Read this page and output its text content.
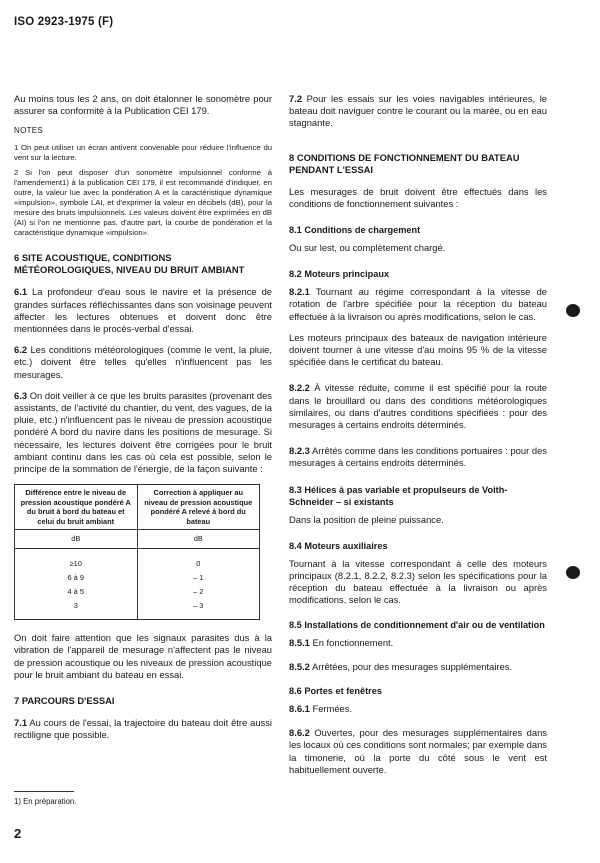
ISO 2923-1975 (F)

Au moins tous les 2 ans, on doit étalonner le sonomètre pour assurer sa conformité à la Publication CEI 179.

NOTES

1 On peut utiliser un écran antivent convenable pour réduire l'influence du vent sur la lecture.

2 Si l'on peut disposer d'un sonomètre impulsionnel conforme à l'amendement1) à la publication CEI 179, il est recommandé d'indiquer, en outre, la valeur lue avec la pondération A et la caractéristique dynamique «impulsion», symbole LAI, et d'exprimer la valeur en décibels (dB), pour la mesure des bruits impulsionnels. Les valeurs doivent être exprimées en dB (AI) si l'on ne mentionne pas, d'autre part, la courbe de pondération et la caractéristique dynamique «impulsion».

6 SITE ACOUSTIQUE, CONDITIONS MÉTÉOROLOGIQUES, NIVEAU DU BRUIT AMBIANT

6.1 La profondeur d'eau sous le navire et la présence de grandes surfaces réfléchissantes dans son voisinage peuvent affecter les lectures obtenues et doivent donc être mentionnées dans le procès-verbal d'essai.

6.2 Les conditions météorologiques (comme le vent, la pluie, etc.) doivent être telles qu'elles n'influencent pas les mesurages.

6.3 On doit veiller à ce que les bruits parasites (provenant des assistants, de l'activité du chantier, du vent, des vagues, de la pluie, etc.) n'influencent pas le niveau de pression acoustique pondéré A bord du navire dans les positions de mesurage. Si nécessaire, les lectures doivent être corrigées pour le bruit ambiant continu dans les cas où cela est possible, selon le principe de la sommation de l'énergie, de la façon suivante :

Différence entre le niveau de pression acoustique pondéré A du bruit à bord du bateau et celui du bruit ambiant	Correction à appliquer au niveau de pression acoustique pondéré A relevé à bord du bateau
dB	dB

≥10	0
6 à 9	– 1
4 à 5	– 2
3	– 3

On doit faire attention que les signaux parasites dus à la vibration de l'appareil de mesurage n'affectent pas le niveau de pression acoustique ou les niveaux de pression acoustique pour le bruit ambiant du bateau en essai.

7 PARCOURS D'ESSAI

7.1 Au cours de l'essai, la trajectoire du bateau doit être aussi rectiligne que possible.

7.2 Pour les essais sur les voies navigables intérieures, le bateau doit naviguer contre le courant ou la marée, ou en eau stagnante.

8 CONDITIONS DE FONCTIONNEMENT DU BATEAU PENDANT L'ESSAI

Les mesurages de bruit doivent être effectués dans les conditions de fonctionnement suivantes :

8.1 Conditions de chargement

Ou sur lest, ou complètement chargé.

8.2 Moteurs principaux

8.2.1 Tournant au régime correspondant à la vitesse de rotation de l'arbre spécifiée pour la réception du bateau effectuée à la livraison ou après modifications, selon le cas.

Les moteurs principaux des bateaux de navigation intérieure doivent tourner à une vitesse d'au moins 95 % de la vitesse spécifiée dans le certificat du bateau.

8.2.2 À vitesse réduite, comme il est spécifié pour la route dans le brouillard ou dans des conditions météorologiques similaires, ou dans d'autres conditions spécifiées : pour des mesurages à certains endroits déterminés.

8.2.3 Arrêtés comme dans les conditions portuaires : pour des mesurages à certains endroits déterminés.

8.3 Hélices à pas variable et propulseurs de Voith-Schneider – si existants

Dans la position de pleine puissance.

8.4 Moteurs auxiliaires

Tournant à la vitesse correspondant à celle des moteurs principaux (8.2.1, 8.2.2, 8.2.3) selon les spécifications pour la réception du bateau effectuée à la livraison ou après modifications, selon le cas.

8.5 Installations de conditionnement d'air ou de ventilation

8.5.1 En fonctionnement.

8.5.2 Arrêtées, pour des mesurages supplémentaires.

8.6 Portes et fenêtres

8.6.1 Fermées.

8.6.2 Ouvertes, pour des mesurages supplémentaires dans les locaux où ces conditions sont normales; par exemple dans la timonerie, où la porte du côté sous le vent est habituellement ouverte.

1) En préparation.
2
